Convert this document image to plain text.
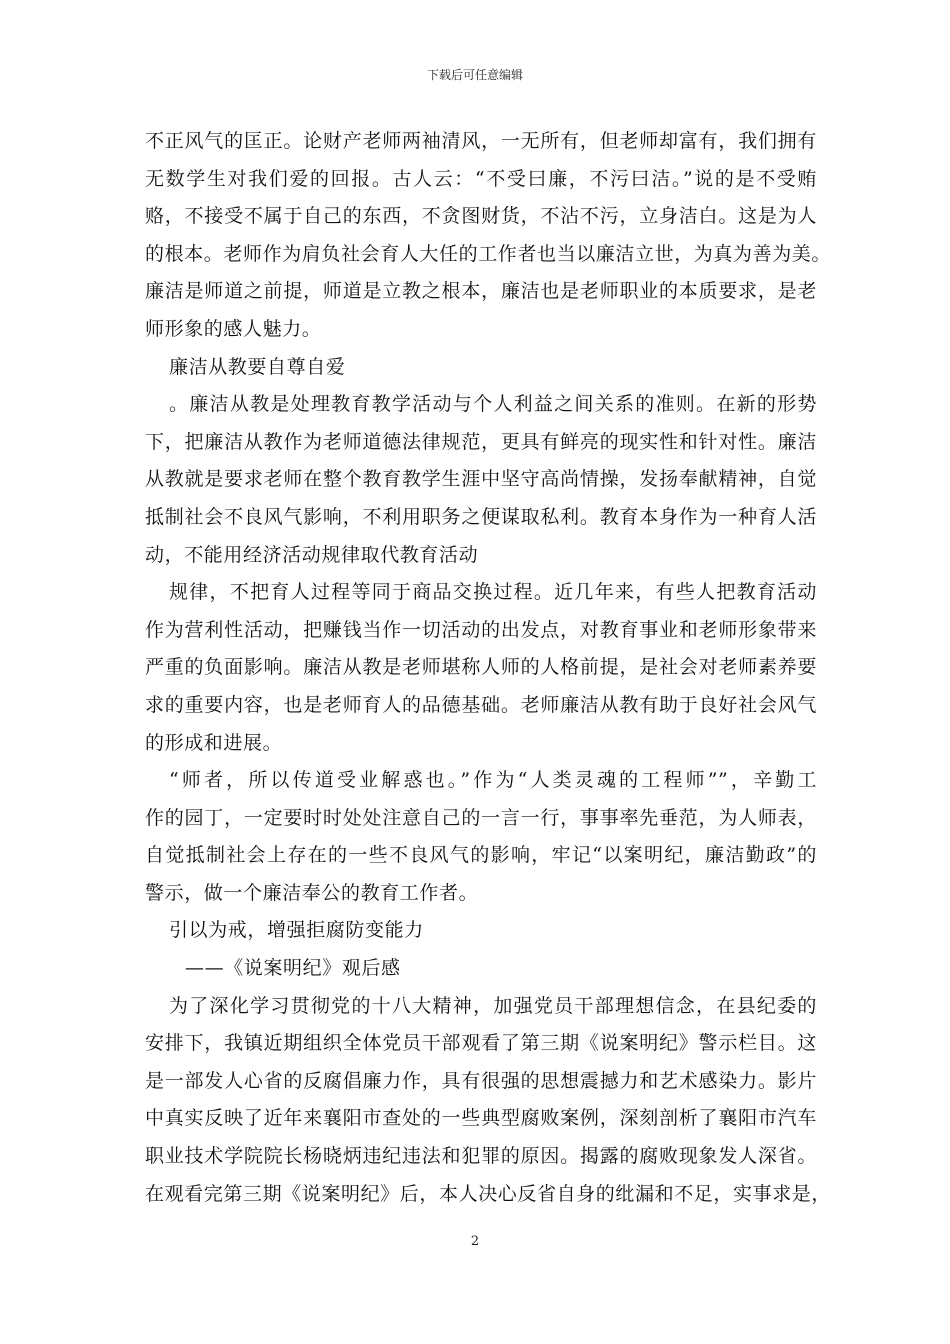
下载后可任意编辑
不正风气的匡正。论财产老师两袖清风，一无所有，但老师却富有，我们拥有
无数学生对我们爱的回报。古人云：“不受曰廉，不污曰洁。”说的是不受贿
赂，不接受不属于自己的东西，不贪图财货，不沾不污，立身洁白。这是为人
的根本。老师作为肩负社会育人大任的工作者也当以廉洁立世，为真为善为美。
廉洁是师道之前提，师道是立教之根本，廉洁也是老师职业的本质要求，是老
师形象的感人魅力。
廉洁从教要自尊自爱
。廉洁从教是处理教育教学活动与个人利益之间关系的准则。在新的形势
下，把廉洁从教作为老师道德法律规范，更具有鲜亮的现实性和针对性。廉洁
从教就是要求老师在整个教育教学生涯中坚守高尚情操，发扬奉献精神，自觉
抵制社会不良风气影响，不利用职务之便谋取私利。教育本身作为一种育人活
动，不能用经济活动规律取代教育活动
规律，不把育人过程等同于商品交换过程。近几年来，有些人把教育活动
作为营利性活动，把赚钱当作一切活动的出发点，对教育事业和老师形象带来
严重的负面影响。廉洁从教是老师堪称人师的人格前提，是社会对老师素养要
求的重要内容，也是老师育人的品德基础。老师廉洁从教有助于良好社会风气
的形成和进展。
“师者，所以传道受业解惑也。”作为“人类灵魂的工程师””，辛勤工
作的园丁，一定要时时处处注意自己的一言一行，事事率先垂范，为人师表，
自觉抵制社会上存在的一些不良风气的影响，牢记“以案明纪，廉洁勤政”的
警示，做一个廉洁奉公的教育工作者。
引以为戒，增强拒腐防变能力
——《说案明纪》观后感
为了深化学习贯彻党的十八大精神，加强党员干部理想信念，在县纪委的
安排下，我镇近期组织全体党员干部观看了第三期《说案明纪》警示栏目。这
是一部发人心省的反腐倡廉力作，具有很强的思想震撼力和艺术感染力。影片
中真实反映了近年来襄阳市查处的一些典型腐败案例，深刻剖析了襄阳市汽车
职业技术学院院长杨晓炳违纪违法和犯罪的原因。揭露的腐败现象发人深省。
在观看完第三期《说案明纪》后，本人决心反省自身的纰漏和不足，实事求是，
2
